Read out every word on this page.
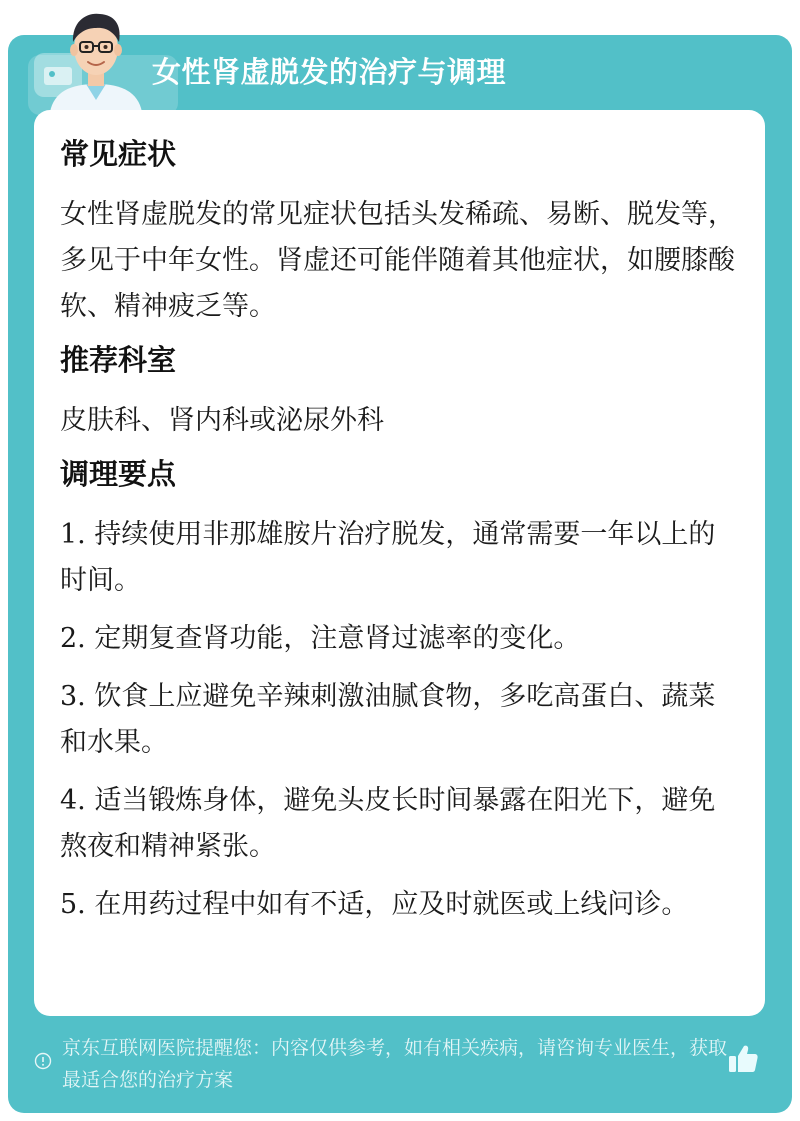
女性肾虚脱发的治疗与调理
常见症状

女性肾虚脱发的常见症状包括头发稀疏、易断、脱发等，多见于中年女性。肾虚还可能伴随着其他症状，如腰膝酸软、精神疲乏等。

推荐科室

皮肤科、肾内科或泌尿外科

调理要点

1. 持续使用非那雄胺片治疗脱发，通常需要一年以上的时间。

2. 定期复查肾功能，注意肾过滤率的变化。

3. 饮食上应避免辛辣刺激油腻食物，多吃高蛋白、蔬菜和水果。

4. 适当锻炼身体，避免头皮长时间暴露在阳光下，避免熬夜和精神紧张。

5. 在用药过程中如有不适，应及时就医或上线问诊。

京东互联网医院提醒您：内容仅供参考，如有相关疾病，请咨询专业医生，获取最适合您的治疗方案
